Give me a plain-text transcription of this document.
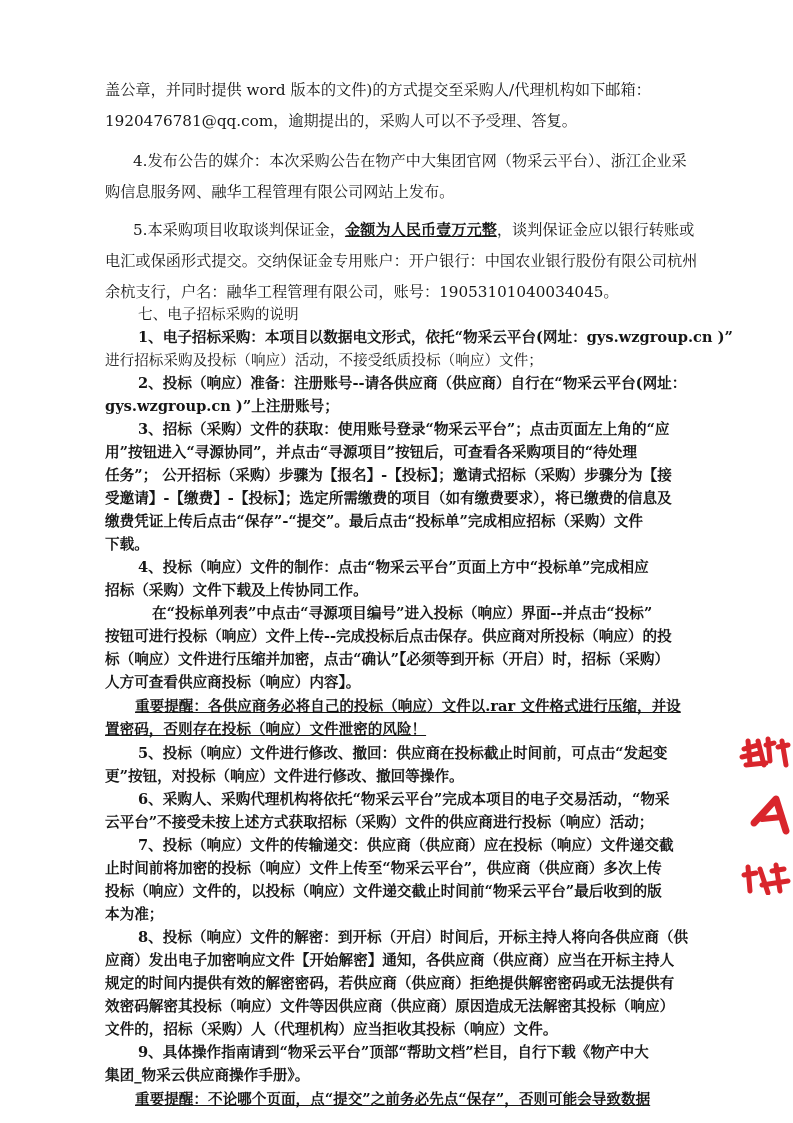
盖公章，并同时提供 word 版本的文件)的方式提交至采购人/代理机构如下邮箱：

1920476781@qq.com，逾期提出的，采购人可以不予受理、答复。

4.发布公告的媒介：本次采购公告在物产中大集团官网（物采云平台）、浙江企业采

购信息服务网、融华工程管理有限公司网站上发布。

5.本采购项目收取谈判保证金，金额为人民币壹万元整，谈判保证金应以银行转账或

电汇或保函形式提交。交纳保证金专用账户：开户银行：中国农业银行股份有限公司杭州

余杭支行，户名：融华工程管理有限公司，账号：19053101040034045。

七、电子招标采购的说明

1、电子招标采购：本项目以数据电文形式，依托“物采云平台(网址：gys.wzgroup.cn )”

进行招标采购及投标（响应）活动，不接受纸质投标（响应）文件；

2、投标（响应）准备：注册账号--请各供应商（供应商）自行在“物采云平台(网址：

gys.wzgroup.cn )”上注册账号；

3、招标（采购）文件的获取：使用账号登录“物采云平台”；点击页面左上角的“应

用”按钮进入“寻源协同”，并点击“寻源项目”按钮后，可查看各采购项目的“待处理

任务”； 公开招标（采购）步骤为【报名】-【投标】；邀请式招标（采购）步骤分为【接

受邀请】-【缴费】-【投标】；选定所需缴费的项目（如有缴费要求），将已缴费的信息及

缴费凭证上传后点击“保存”-“提交”。最后点击“投标单”完成相应招标（采购）文件

下载。

4、投标（响应）文件的制作：点击“物采云平台”页面上方中“投标单”完成相应

招标（采购）文件下载及上传协同工作。

在“投标单列表”中点击“寻源项目编号”进入投标（响应）界面--并点击“投标”

按钮可进行投标（响应）文件上传--完成投标后点击保存。供应商对所投标（响应）的投

标（响应）文件进行压缩并加密，点击“确认”【必须等到开标（开启）时，招标（采购）

人方可查看供应商投标（响应）内容】。

重要提醒：各供应商务必将自己的投标（响应）文件以.rar 文件格式进行压缩，并设

置密码，否则存在投标（响应）文件泄密的风险！

5、投标（响应）文件进行修改、撤回：供应商在投标截止时间前，可点击“发起变

更”按钮，对投标（响应）文件进行修改、撤回等操作。

6、采购人、采购代理机构将依托“物采云平台”完成本项目的电子交易活动，“物采

云平台”不接受未按上述方式获取招标（采购）文件的供应商进行投标（响应）活动；

7、投标（响应）文件的传输递交：供应商（供应商）应在投标（响应）文件递交截

止时间前将加密的投标（响应）文件上传至“物采云平台”，供应商（供应商）多次上传

投标（响应）文件的，以投标（响应）文件递交截止时间前“物采云平台”最后收到的版

本为准；

8、投标（响应）文件的解密：到开标（开启）时间后，开标主持人将向各供应商（供

应商）发出电子加密响应文件【开始解密】通知，各供应商（供应商）应当在开标主持人

规定的时间内提供有效的解密密码，若供应商（供应商）拒绝提供解密密码或无法提供有

效密码解密其投标（响应）文件等因供应商（供应商）原因造成无法解密其投标（响应）

文件的，招标（采购）人（代理机构）应当拒收其投标（响应）文件。

9、具体操作指南请到“物采云平台”顶部“帮助文档”栏目，自行下载《物产中大

集团_物采云供应商操作手册》。

重要提醒：不论哪个页面，点“提交”之前务必先点“保存”，否则可能会导致数据
